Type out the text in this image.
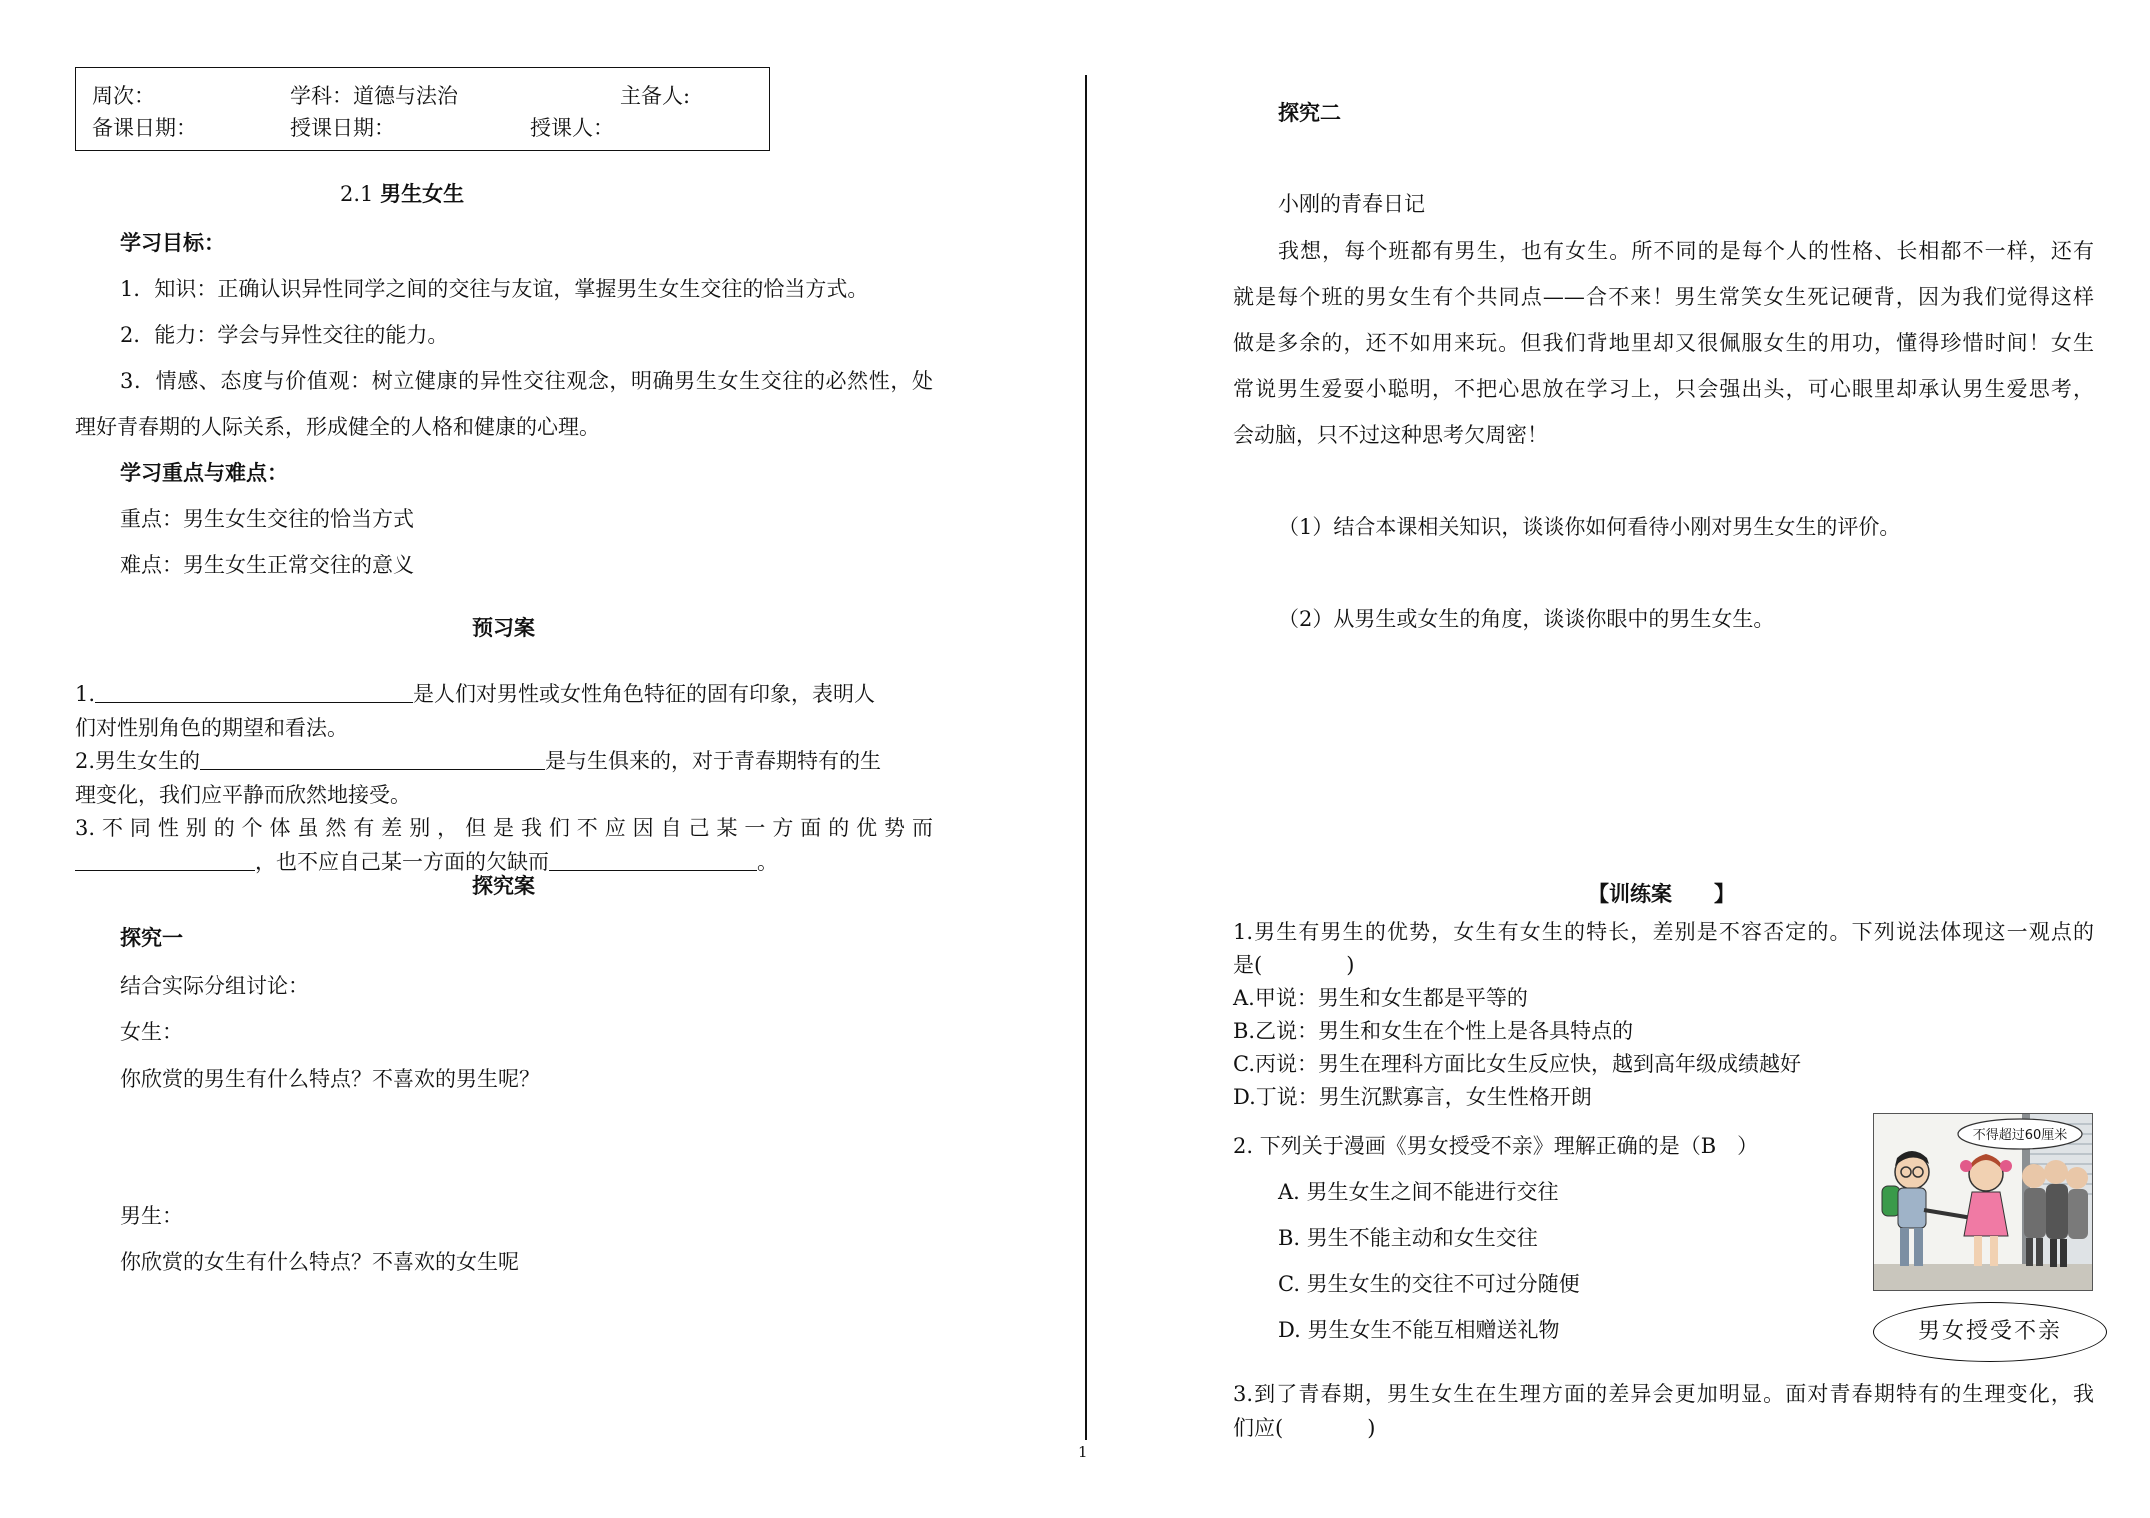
周次：	学科：道德与法治	主备人:
备课日期：	授课日期：	授课人：
2.1 男生女生
学习目标：
1．知识：正确认识异性同学之间的交往与友谊，掌握男生女生交往的恰当方式。
2．能力：学会与异性交往的能力。
3．情感、态度与价值观：树立健康的异性交往观念，明确男生女生交往的必然性，处
理好青春期的人际关系，形成健全的人格和健康的心理。
学习重点与难点：
重点：男生女生交往的恰当方式
难点：男生女生正常交往的意义
预习案
1.	是人们对男性或女性角色特征的固有印象，表明人
们对性别角色的期望和看法。
2.男生女生的	是与生俱来的，对于青春期特有的生
理变化，我们应平静而欣然地接受。
3.不同性别的个体虽然有差别，但是我们不应因自己某一方面的优势而
，也不应自己某一方面的欠缺而	。
探究案
探究一
结合实际分组讨论：
女生：
你欣赏的男生有什么特点？不喜欢的男生呢？
男生：
你欣赏的女生有什么特点？不喜欢的女生呢
1
探究二
小刚的青春日记
我想，每个班都有男生，也有女生。所不同的是每个人的性格、长相都不一样，还有
就是每个班的男女生有个共同点——合不来！男生常笑女生死记硬背，因为我们觉得这样
做是多余的，还不如用来玩。但我们背地里却又很佩服女生的用功，懂得珍惜时间！女生
常说男生爱耍小聪明，不把心思放在学习上，只会强出头，可心眼里却承认男生爱思考，
会动脑，只不过这种思考欠周密！
（1）结合本课相关知识，谈谈你如何看待小刚对男生女生的评价。
（2）从男生或女生的角度，谈谈你眼中的男生女生。
【训练案　　】
1.男生有男生的优势，女生有女生的特长，差别是不容否定的。下列说法体现这一观点的
是(　　　　)
A.甲说：男生和女生都是平等的
B.乙说：男生和女生在个性上是各具特点的
C.丙说：男生在理科方面比女生反应快，越到高年级成绩越好
D.丁说：男生沉默寡言，女生性格开朗
2. 下列关于漫画《男女授受不亲》理解正确的是（B　）
A. 男生女生之间不能进行交往
B. 男生不能主动和女生交往
C. 男生女生的交往不可过分随便
D. 男生女生不能互相赠送礼物
不得超过60厘米
男女授受不亲
3.到了青春期，男生女生在生理方面的差异会更加明显。面对青春期特有的生理变化，我
们应(　　　　)
